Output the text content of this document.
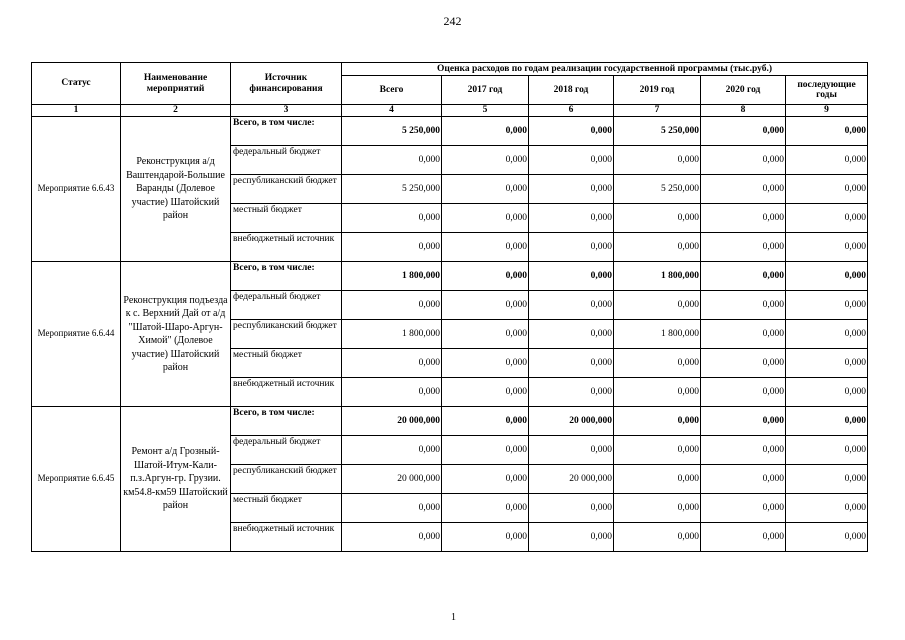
242
Статус	Наименование мероприятий	Источник финансирования	Оценка расходов по годам реализации государственной программы (тыс.руб.)					
			Всего	2017 год	2018 год	2019 год	2020 год	последующие годы
1	2	3	4	5	6	7	8	9
Мероприятие 6.6.43	Реконструкция а/д Ваштендарой-Большие Варанды (Долевое участие) Шатойский район	Всего, в том числе:	5 250,000	0,000	0,000	5 250,000	0,000	0,000
		федеральный бюджет	0,000	0,000	0,000	0,000	0,000	0,000
		республиканский бюджет	5 250,000	0,000	0,000	5 250,000	0,000	0,000
		местный бюджет	0,000	0,000	0,000	0,000	0,000	0,000
		внебюджетный источник	0,000	0,000	0,000	0,000	0,000	0,000
Мероприятие 6.6.44	Реконструкция подъезда к с. Верхний Дай от а/д "Шатой-Шаро-Аргун-Химой" (Долевое участие) Шатойский район	Всего, в том числе:	1 800,000	0,000	0,000	1 800,000	0,000	0,000
		федеральный бюджет	0,000	0,000	0,000	0,000	0,000	0,000
		республиканский бюджет	1 800,000	0,000	0,000	1 800,000	0,000	0,000
		местный бюджет	0,000	0,000	0,000	0,000	0,000	0,000
		внебюджетный источник	0,000	0,000	0,000	0,000	0,000	0,000
Мероприятие 6.6.45	Ремонт а/д Грозный-Шатой-Итум-Кали-п.з.Аргун-гр. Грузии. км54.8-км59 Шатойский район	Всего, в том числе:	20 000,000	0,000	20 000,000	0,000	0,000	0,000
		федеральный бюджет	0,000	0,000	0,000	0,000	0,000	0,000
		республиканский бюджет	20 000,000	0,000	20 000,000	0,000	0,000	0,000
		местный бюджет	0,000	0,000	0,000	0,000	0,000	0,000
		внебюджетный источник	0,000	0,000	0,000	0,000	0,000	0,000
1
